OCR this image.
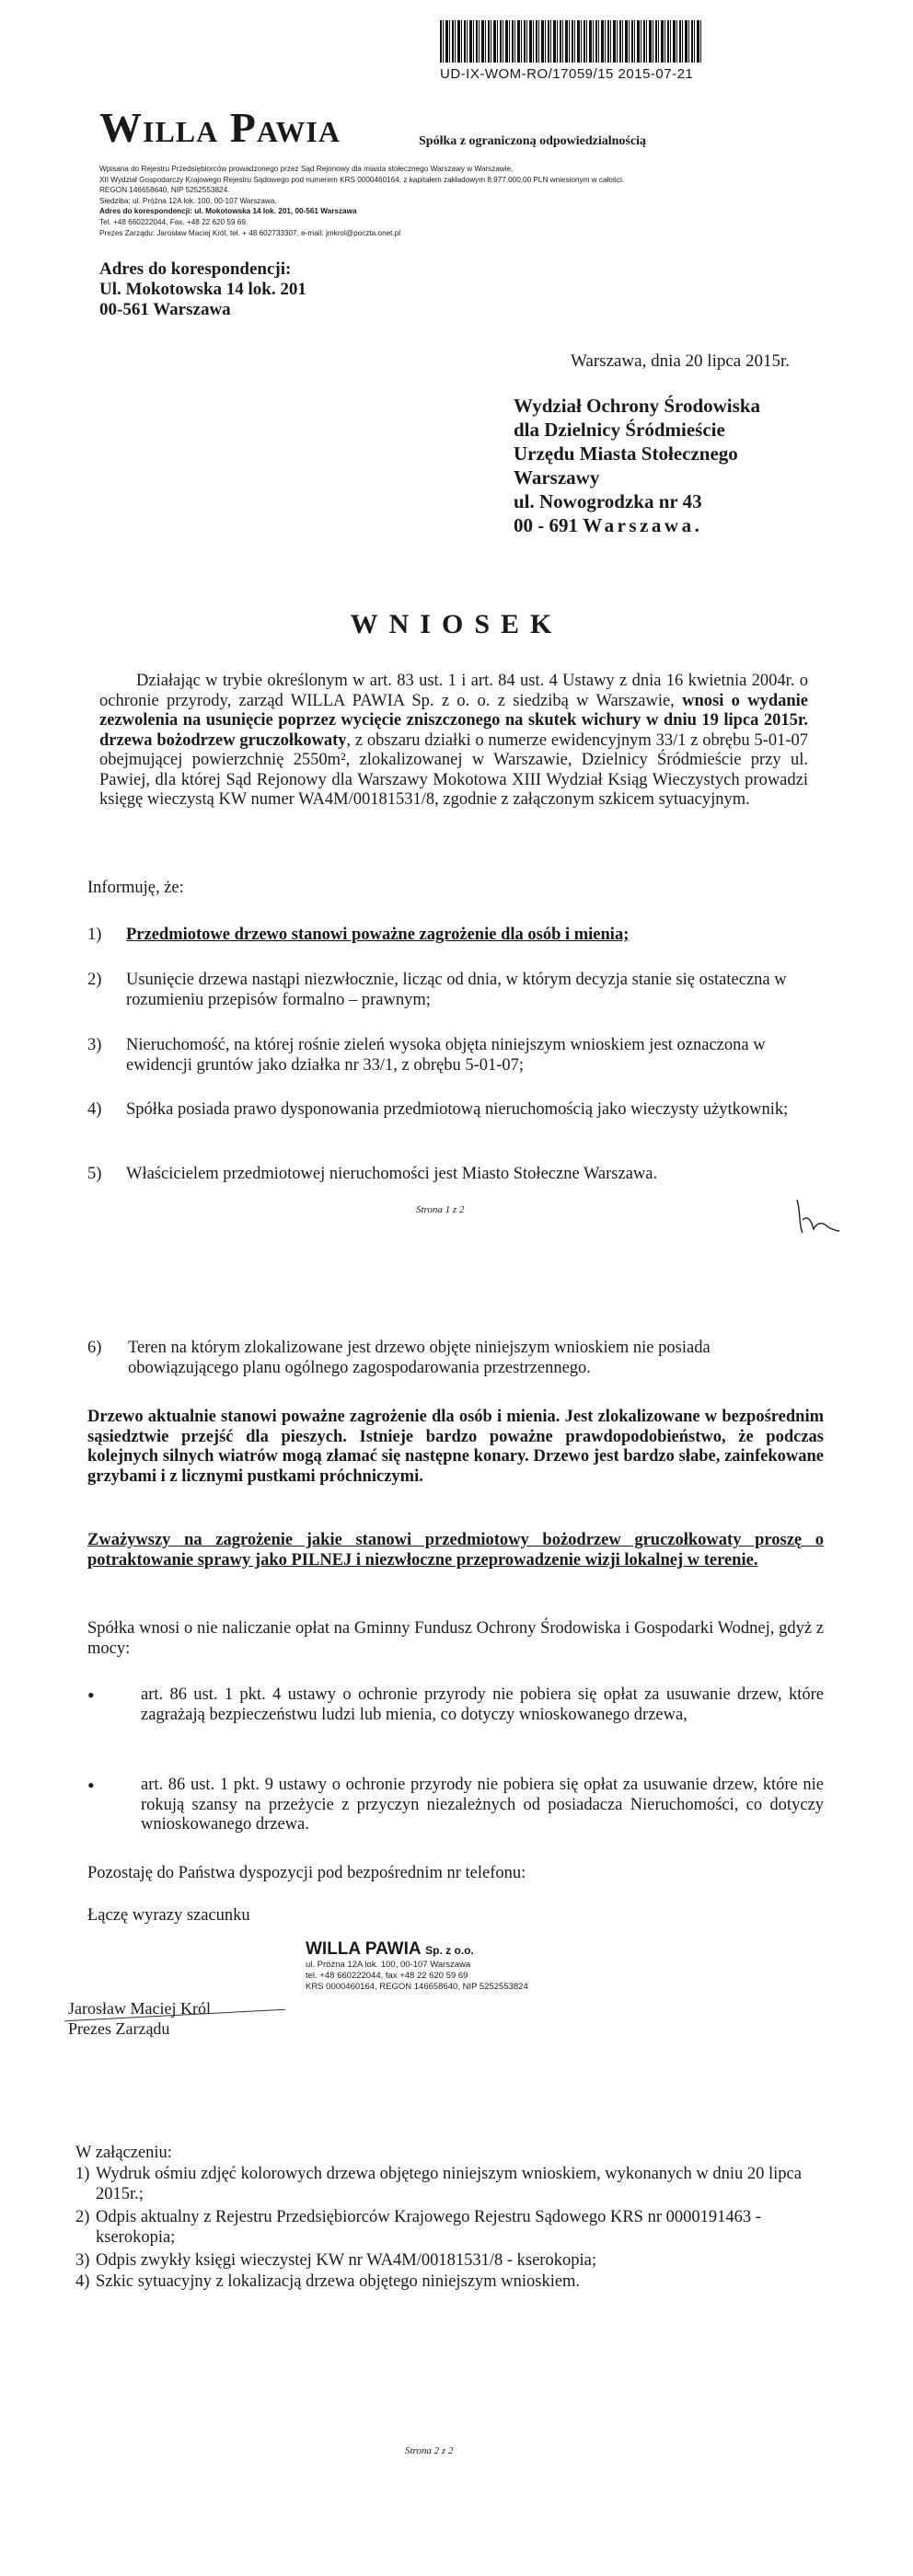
UD-IX-WOM-RO/17059/15 2015-07-21
Willa Pawia	Spółka z ograniczoną odpowiedzialnością
Wpisana do Rejestru Przedsiębiorców prowadzonego przez Sąd Rejonowy dla miasta stołecznego Warszawy w Warszawie,
XII Wydział Gospodarczy Krajowego Rejestru Sądowego pod numerem KRS 0000460164, z kapitałem zakładowym 8.977.000,00 PLN wniesionym w całości.
REGON 146658640, NIP 5252553824.
Siedziba: ul. Próżna 12A lok. 100, 00-107 Warszawa.
Adres do korespondencji: ul. Mokotowska 14 lok. 201, 00-561 Warszawa
Tel. +48 660222044, Fax. +48 22 620 59 69.
Prezes Zarządu: Jarosław Maciej Król, tel. + 48 602733307, e-mail: jmkrol@poczta.onet.pl
Adres do korespondencji:
Ul. Mokotowska 14 lok. 201
00-561 Warszawa
Warszawa, dnia 20 lipca 2015r.
Wydział Ochrony Środowiska
dla Dzielnicy Śródmieście
Urzędu Miasta Stołecznego
Warszawy
ul. Nowogrodzka nr 43
00 - 691 Warszawa.
WNIOSEK
Działając w trybie określonym w art. 83 ust. 1 i art. 84 ust. 4 Ustawy z dnia 16 kwietnia 2004r. o ochronie przyrody, zarząd WILLA PAWIA Sp. z o. o. z siedzibą w Warszawie, wnosi o wydanie zezwolenia na usunięcie poprzez wycięcie zniszczonego na skutek wichury w dniu 19 lipca 2015r. drzewa bożodrzew gruczołkowaty, z obszaru działki o numerze ewidencyjnym 33/1 z obrębu 5-01-07 obejmującej powierzchnię 2550m², zlokalizowanej w Warszawie, Dzielnicy Śródmieście przy ul. Pawiej, dla której Sąd Rejonowy dla Warszawy Mokotowa XIII Wydział Ksiąg Wieczystych prowadzi księgę wieczystą KW numer WA4M/00181531/8, zgodnie z załączonym szkicem sytuacyjnym.
Informuję, że:
1) Przedmiotowe drzewo stanowi poważne zagrożenie dla osób i mienia;
2) Usunięcie drzewa nastąpi niezwłocznie, licząc od dnia, w którym decyzja stanie się ostateczna w rozumieniu przepisów formalno – prawnym;
3) Nieruchomość, na której rośnie zieleń wysoka objęta niniejszym wnioskiem jest oznaczona w ewidencji gruntów jako działka nr 33/1, z obrębu 5-01-07;
4) Spółka posiada prawo dysponowania przedmiotową nieruchomością jako wieczysty użytkownik;
5) Właścicielem przedmiotowej nieruchomości jest Miasto Stołeczne Warszawa.
Strona 1 z 2
6) Teren na którym zlokalizowane jest drzewo objęte niniejszym wnioskiem nie posiada obowiązującego planu ogólnego zagospodarowania przestrzennego.
Drzewo aktualnie stanowi poważne zagrożenie dla osób i mienia. Jest zlokalizowane w bezpośrednim sąsiedztwie przejść dla pieszych. Istnieje bardzo poważne prawdopodobieństwo, że podczas kolejnych silnych wiatrów mogą złamać się następne konary. Drzewo jest bardzo słabe, zainfekowane grzybami i z licznymi pustkami próchniczymi.
Zważywszy na zagrożenie jakie stanowi przedmiotowy bożodrzew gruczołkowaty proszę o potraktowanie sprawy jako PILNEJ i niezwłoczne przeprowadzenie wizji lokalnej w terenie.
Spółka wnosi o nie naliczanie opłat na Gminny Fundusz Ochrony Środowiska i Gospodarki Wodnej, gdyż z mocy:
•	art. 86 ust. 1 pkt. 4 ustawy o ochronie przyrody nie pobiera się opłat za usuwanie drzew, które zagrażają bezpieczeństwu ludzi lub mienia, co dotyczy wnioskowanego drzewa,
•	art. 86 ust. 1 pkt. 9 ustawy o ochronie przyrody nie pobiera się opłat za usuwanie drzew, które nie rokują szansy na przeżycie z przyczyn niezależnych od posiadacza Nieruchomości, co dotyczy wnioskowanego drzewa.
Pozostaję do Państwa dyspozycji pod bezpośrednim nr telefonu:
Łączę wyrazy szacunku
WILLA PAWIA Sp. z o.o.
ul. Próżna 12A lok. 100, 00-107 Warszawa
tel. +48 660222044, fax +48 22 620 59 69
KRS 0000460164, REGON 146658640, NIP 5252553824
Jarosław Maciej Król
Prezes Zarządu
W załączeniu:
1) Wydruk ośmiu zdjęć kolorowych drzewa objętego niniejszym wnioskiem, wykonanych w dniu 20 lipca 2015r.;
2) Odpis aktualny z Rejestru Przedsiębiorców Krajowego Rejestru Sądowego KRS nr 0000191463 - kserokopia;
3) Odpis zwykły księgi wieczystej KW nr WA4M/00181531/8 - kserokopia;
4) Szkic sytuacyjny z lokalizacją drzewa objętego niniejszym wnioskiem.
Strona 2 z 2
